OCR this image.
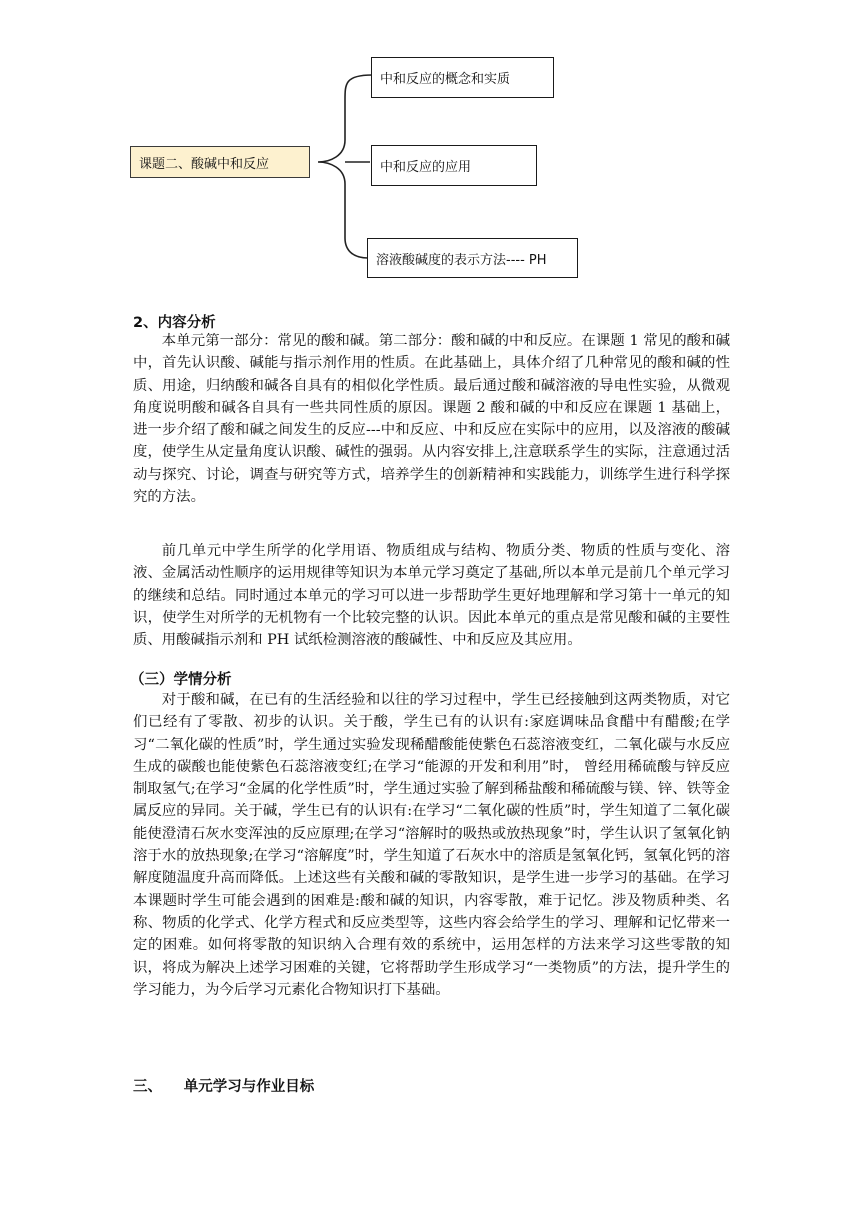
课题二、酸碱中和反应
中和反应的概念和实质
中和反应的应用
溶液酸碱度的表示方法---- PH
2、内容分析

本单元第一部分：常见的酸和碱。第二部分：酸和碱的中和反应。在课题 1 常见的酸和碱中，首先认识酸、碱能与指示剂作用的性质。在此基础上，具体介绍了几种常见的酸和碱的性质、用途，归纳酸和碱各自具有的相似化学性质。最后通过酸和碱溶液的导电性实验，从微观角度说明酸和碱各自具有一些共同性质的原因。课题 2 酸和碱的中和反应在课题 1 基础上，进一步介绍了酸和碱之间发生的反应---中和反应、中和反应在实际中的应用，以及溶液的酸碱度，使学生从定量角度认识酸、碱性的强弱。从内容安排上,注意联系学生的实际，注意通过活动与探究、讨论，调查与研究等方式，培养学生的创新精神和实践能力，训练学生进行科学探究的方法。

前几单元中学生所学的化学用语、物质组成与结构、物质分类、物质的性质与变化、溶液、金属活动性顺序的运用规律等知识为本单元学习奠定了基础,所以本单元是前几个单元学习的继续和总结。同时通过本单元的学习可以进一步帮助学生更好地理解和学习第十一单元的知识，使学生对所学的无机物有一个比较完整的认识。因此本单元的重点是常见酸和碱的主要性质、用酸碱指示剂和 PH 试纸检测溶液的酸碱性、中和反应及其应用。

（三）学情分析

对于酸和碱，在已有的生活经验和以往的学习过程中，学生已经接触到这两类物质，对它们已经有了零散、初步的认识。关于酸，学生已有的认识有:家庭调味品食醋中有醋酸;在学习“二氧化碳的性质”时，学生通过实验发现稀醋酸能使紫色石蕊溶液变红，二氧化碳与水反应生成的碳酸也能使紫色石蕊溶液变红;在学习“能源的开发和利用”时， 曾经用稀硫酸与锌反应制取氢气;在学习“金属的化学性质”时，学生通过实验了解到稀盐酸和稀硫酸与镁、锌、铁等金属反应的异同。关于碱，学生已有的认识有:在学习“二氧化碳的性质”时，学生知道了二氧化碳能使澄清石灰水变浑浊的反应原理;在学习“溶解时的吸热或放热现象”时，学生认识了氢氧化钠溶于水的放热现象;在学习“溶解度”时，学生知道了石灰水中的溶质是氢氧化钙，氢氧化钙的溶解度随温度升高而降低。上述这些有关酸和碱的零散知识，是学生进一步学习的基础。在学习本课题时学生可能会遇到的困难是:酸和碱的知识，内容零散，难于记忆。涉及物质种类、名称、物质的化学式、化学方程式和反应类型等，这些内容会给学生的学习、理解和记忆带来一定的困难。如何将零散的知识纳入合理有效的系统中，运用怎样的方法来学习这些零散的知识，将成为解决上述学习困难的关键，它将帮助学生形成学习“一类物质”的方法，提升学生的学习能力，为今后学习元素化合物知识打下基础。

三、　　单元学习与作业目标
